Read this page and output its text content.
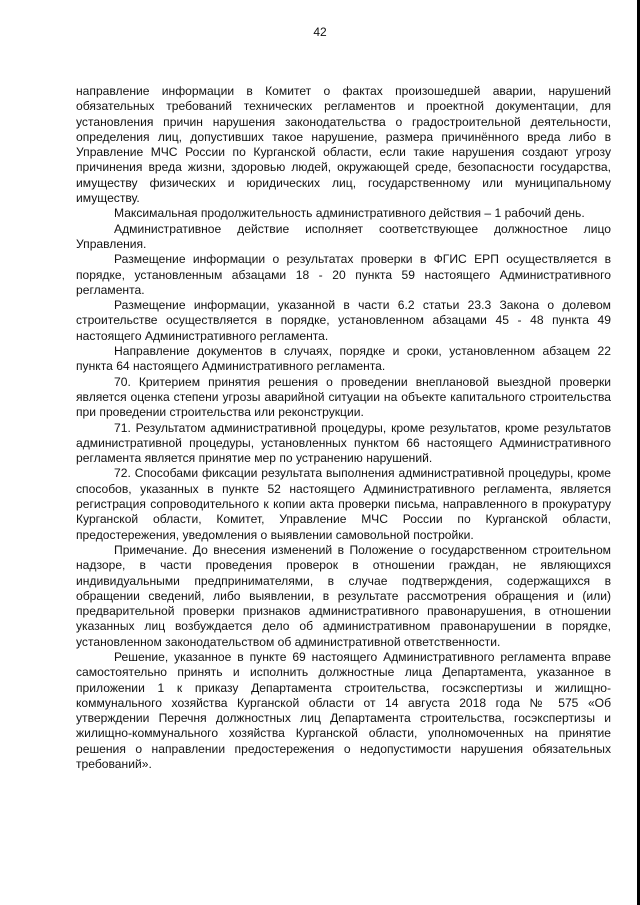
42

направление информации в Комитет о фактах произошедшей аварии, нарушений обязательных требований технических регламентов и проектной документации, для установления причин нарушения законодательства о градостроительной деятельности, определения лиц, допустивших такое нарушение, размера причинённого вреда либо в Управление МЧС России по Курганской области, если такие нарушения создают угрозу причинения вреда жизни, здоровью людей, окружающей среде, безопасности государства, имуществу физических и юридических лиц, государственному или муниципальному имуществу.

Максимальная продолжительность административного действия – 1 рабочий день.

Административное действие исполняет соответствующее должностное лицо Управления.

Размещение информации о результатах проверки в ФГИС ЕРП осуществляется в порядке, установленным абзацами 18 - 20 пункта 59 настоящего Административного регламента.

Размещение информации, указанной в части 6.2 статьи 23.3 Закона о долевом строительстве осуществляется в порядке, установленном абзацами 45 - 48 пункта 49 настоящего Административного регламента.

Направление документов в случаях, порядке и сроки, установленном абзацем 22 пункта 64 настоящего Административного регламента.

70. Критерием принятия решения о проведении внеплановой выездной проверки является оценка степени угрозы аварийной ситуации на объекте капитального строительства при проведении строительства или реконструкции.

71. Результатом административной процедуры, кроме результатов, кроме результатов административной процедуры, установленных пунктом 66 настоящего Административного регламента является принятие мер по устранению нарушений.

72. Способами фиксации результата выполнения административной процедуры, кроме способов, указанных в пункте 52 настоящего Административного регламента, является регистрация сопроводительного к копии акта проверки письма, направленного в прокуратуру Курганской области, Комитет, Управление МЧС России по Курганской области, предостережения, уведомления о выявлении самовольной постройки.

Примечание. До внесения изменений в Положение о государственном строительном надзоре, в части проведения проверок в отношении граждан, не являющихся индивидуальными предпринимателями, в случае подтверждения, содержащихся в обращении сведений, либо выявлении, в результате рассмотрения обращения и (или) предварительной проверки признаков административного правонарушения, в отношении указанных лиц возбуждается дело об административном правонарушении в порядке, установленном законодательством об административной ответственности.

Решение, указанное в пункте 69 настоящего Административного регламента вправе самостоятельно принять и исполнить должностные лица Департамента, указанное в приложении 1 к приказу Департамента строительства, госэкспертизы и жилищно-коммунального хозяйства Курганской области от 14 августа 2018 года № 575 «Об утверждении Перечня должностных лиц Департамента строительства, госэкспертизы и жилищно-коммунального хозяйства Курганской области, уполномоченных на принятие решения о направлении предостережения о недопустимости нарушения обязательных требований».
